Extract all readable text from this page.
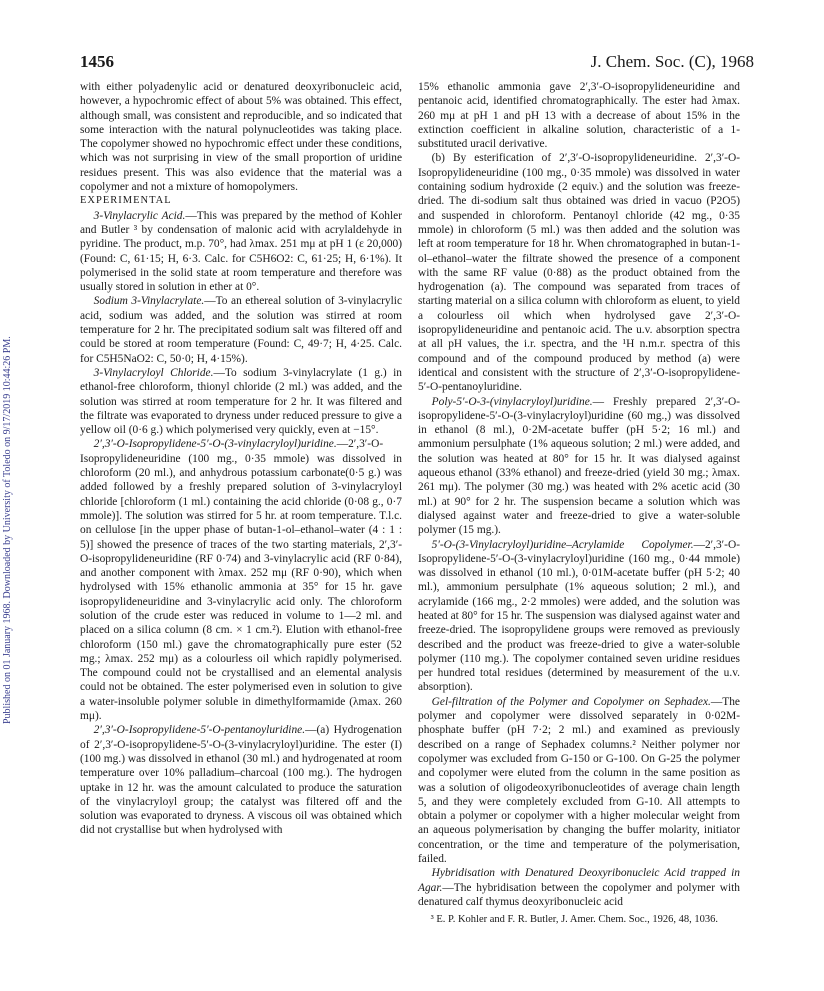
Published on 01 January 1968. Downloaded by University of Toledo on 9/17/2019 10:44:26 PM.
1456	J. Chem. Soc. (C), 1968

with either polyadenylic acid or denatured deoxyribonucleic acid, however, a hypochromic effect of about 5% was obtained. This effect, although small, was consistent and reproducible, and so indicated that some interaction with the natural polynucleotides was taking place. The copolymer showed no hypochromic effect under these conditions, which was not surprising in view of the small proportion of uridine residues present. This was also evidence that the material was a copolymer and not a mixture of homopolymers.

EXPERIMENTAL

3-Vinylacrylic Acid.—This was prepared by the method of Kohler and Butler ³ by condensation of malonic acid with acrylaldehyde in pyridine. The product, m.p. 70°, had λmax. 251 mμ at pH 1 (ε 20,000) (Found: C, 61·15; H, 6·3. Calc. for C5H6O2: C, 61·25; H, 6·1%). It polymerised in the solid state at room temperature and therefore was usually stored in solution in ether at 0°.

Sodium 3-Vinylacrylate.—To an ethereal solution of 3-vinylacrylic acid, sodium was added, and the solution was stirred at room temperature for 2 hr. The precipitated sodium salt was filtered off and could be stored at room temperature (Found: C, 49·7; H, 4·25. Calc. for C5H5NaO2: C, 50·0; H, 4·15%).

3-Vinylacryloyl Chloride.—To sodium 3-vinylacrylate (1 g.) in ethanol-free chloroform, thionyl chloride (2 ml.) was added, and the solution was stirred at room temperature for 2 hr. It was filtered and the filtrate was evaporated to dryness under reduced pressure to give a yellow oil (0·6 g.) which polymerised very quickly, even at −15°.

2′,3′-O-Isopropylidene-5′-O-(3-vinylacryloyl)uridine.—2′,3′-O-Isopropylideneuridine (100 mg., 0·35 mmole) was dissolved in chloroform (20 ml.), and anhydrous potassium carbonate(0·5 g.) was added followed by a freshly prepared solution of 3-vinylacryloyl chloride [chloroform (1 ml.) containing the acid chloride (0·08 g., 0·7 mmole)]. The solution was stirred for 5 hr. at room temperature. T.l.c. on cellulose [in the upper phase of butan-1-ol–ethanol–water (4 : 1 : 5)] showed the presence of traces of the two starting materials, 2′,3′-O-isopropylideneuridine (RF 0·74) and 3-vinylacrylic acid (RF 0·84), and another component with λmax. 252 mμ (RF 0·90), which when hydrolysed with 15% ethanolic ammonia at 35° for 15 hr. gave isopropylideneuridine and 3-vinylacrylic acid only. The chloroform solution of the crude ester was reduced in volume to 1—2 ml. and placed on a silica column (8 cm. × 1 cm.²). Elution with ethanol-free chloroform (150 ml.) gave the chromatographically pure ester (52 mg.; λmax. 252 mμ) as a colourless oil which rapidly polymerised. The compound could not be crystallised and an elemental analysis could not be obtained. The ester polymerised even in solution to give a water-insoluble polymer soluble in dimethylformamide (λmax. 260 mμ).

2′,3′-O-Isopropylidene-5′-O-pentanoyluridine.—(a) Hydrogenation of 2′,3′-O-isopropylidene-5′-O-(3-vinylacryloyl)uridine. The ester (I) (100 mg.) was dissolved in ethanol (30 ml.) and hydrogenated at room temperature over 10% palladium–charcoal (100 mg.). The hydrogen uptake in 12 hr. was the amount calculated to produce the saturation of the vinylacryloyl group; the catalyst was filtered off and the solution was evaporated to dryness. A viscous oil was obtained which did not crystallise but when hydrolysed with

15% ethanolic ammonia gave 2′,3′-O-isopropylideneuridine and pentanoic acid, identified chromatographically. The ester had λmax. 260 mμ at pH 1 and pH 13 with a decrease of about 15% in the extinction coefficient in alkaline solution, characteristic of a 1-substituted uracil derivative.

(b) By esterification of 2′,3′-O-isopropylideneuridine. 2′,3′-O-Isopropylideneuridine (100 mg., 0·35 mmole) was dissolved in water containing sodium hydroxide (2 equiv.) and the solution was freeze-dried. The di-sodium salt thus obtained was dried in vacuo (P2O5) and suspended in chloroform. Pentanoyl chloride (42 mg., 0·35 mmole) in chloroform (5 ml.) was then added and the solution was left at room temperature for 18 hr. When chromatographed in butan-1-ol–ethanol–water the filtrate showed the presence of a component with the same RF value (0·88) as the product obtained from the hydrogenation (a). The compound was separated from traces of starting material on a silica column with chloroform as eluent, to yield a colourless oil which when hydrolysed gave 2′,3′-O-isopropylideneuridine and pentanoic acid. The u.v. absorption spectra at all pH values, the i.r. spectra, and the ¹H n.m.r. spectra of this compound and of the compound produced by method (a) were identical and consistent with the structure of 2′,3′-O-isopropylidene-5′-O-pentanoyluridine.

Poly-5′-O-3-(vinylacryloyl)uridine.— Freshly prepared 2′,3′-O-isopropylidene-5′-O-(3-vinylacryloyl)uridine (60 mg.,) was dissolved in ethanol (8 ml.), 0·2M-acetate buffer (pH 5·2; 16 ml.) and ammonium persulphate (1% aqueous solution; 2 ml.) were added, and the solution was heated at 80° for 15 hr. It was dialysed against aqueous ethanol (33% ethanol) and freeze-dried (yield 30 mg.; λmax. 261 mμ). The polymer (30 mg.) was heated with 2% acetic acid (30 ml.) at 90° for 2 hr. The suspension became a solution which was dialysed against water and freeze-dried to give a water-soluble polymer (15 mg.).

5′-O-(3-Vinylacryloyl)uridine–Acrylamide Copolymer.—2′,3′-O-Isopropylidene-5′-O-(3-vinylacryloyl)uridine (160 mg., 0·44 mmole) was dissolved in ethanol (10 ml.), 0·01M-acetate buffer (pH 5·2; 40 ml.), ammonium persulphate (1% aqueous solution; 2 ml.), and acrylamide (166 mg., 2·2 mmoles) were added, and the solution was heated at 80° for 15 hr. The suspension was dialysed against water and freeze-dried. The isopropylidene groups were removed as previously described and the product was freeze-dried to give a water-soluble polymer (110 mg.). The copolymer contained seven uridine residues per hundred total residues (determined by measurement of the u.v. absorption).

Gel-filtration of the Polymer and Copolymer on Sephadex.—The polymer and copolymer were dissolved separately in 0·02M-phosphate buffer (pH 7·2; 2 ml.) and examined as previously described on a range of Sephadex columns.² Neither polymer nor copolymer was excluded from G-150 or G-100. On G-25 the polymer and copolymer were eluted from the column in the same position as was a solution of oligodeoxyribonucleotides of average chain length 5, and they were completely excluded from G-10. All attempts to obtain a polymer or copolymer with a higher molecular weight from an aqueous polymerisation by changing the buffer molarity, initiator concentration, or the time and temperature of the polymerisation, failed.

Hybridisation with Denatured Deoxyribonucleic Acid trapped in Agar.—The hybridisation between the copolymer and polymer with denatured calf thymus deoxyribonucleic acid

³ E. P. Kohler and F. R. Butler, J. Amer. Chem. Soc., 1926, 48, 1036.
